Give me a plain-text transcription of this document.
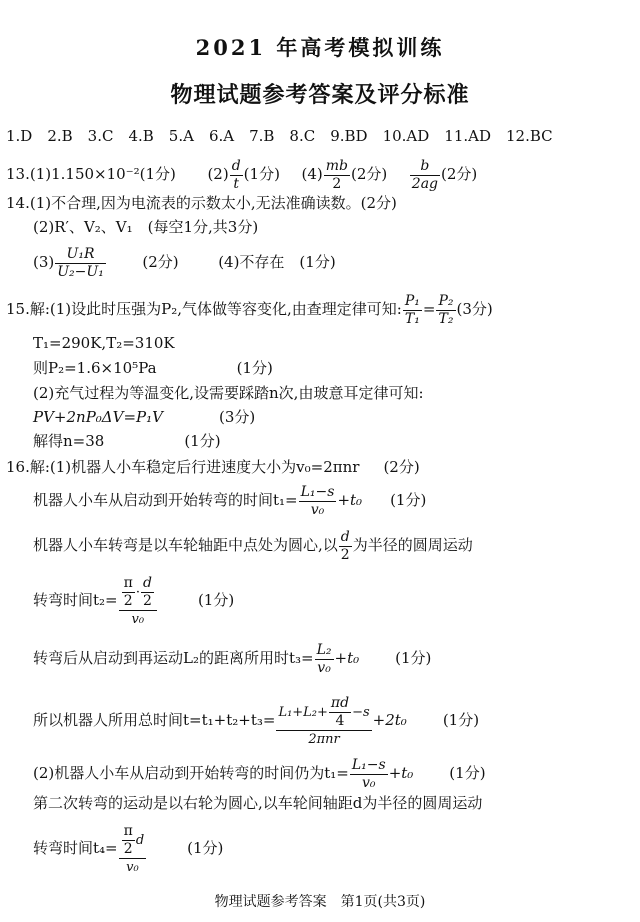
2021 年高考模拟训练
物理试题参考答案及评分标准
1.D　2.B　3.C　4.B　5.A　6.A　7.B　8.C　9.BD　10.AD　11.AD　12.BC
13.(1)1.150×10⁻²(1分) $(2) \frac{d}{t} (1$分) $(4) \frac{mb}{2} (2$分) $\frac{b}{2ag} (2$分)
14.(1)不合理,因为电流表的示数太小,无法准确读数。(2分)
(2)R′、V₂、V₁　(每空1分,共3分)
$(3) \frac{\text{U₁R}}{\text{U₂−U₁}} (2$分)	(4)不存在　(1分)
15.解:(1)设此时压强为P₂,气体做等容变化,由查理定律可知: $\frac{\text{P₁}}{\text{T₁}} = \frac{\text{P₂}}{\text{T₂}} (3$分)
T₁=290K,T₂=310K
则P₂=1.6×10⁵Pa	(1分)
(2)充气过程为等温变化,设需要踩踏n次,由玻意耳定律可知:
PV+2nP₀ΔV=P₁V	(3分)
解得n=38	(1分)
16.解:(1)机器人小车稳定后行进速度大小为v₀=2πnr (2分)
机器人小车从启动到开始转弯的时间$t_1= \frac{\text{L₁−s}}{\text{v₀}} +t_0$ (1分)
机器人小车转弯是以车轮轴距中点处为圆心,以 $\frac{d}{2}$ 为半径的圆周运动
转弯时间$t_2= \frac{\frac{\pi}{2} \cdot \frac{d}{2}}{\text{v₀}}$	(1分)
转弯后从启动到再运动L₂的距离所用时$t_3= \frac{\text{L₂}}{\text{v₀}} +t_0$ (1分)
所以机器人所用总时间$t=t_1+t_2+t_3= \frac{L_1+L_2+ \frac{\pi d}{4} -s}{\text{2πnr}} +2t_0$ (1分)
(2)机器人小车从启动到开始转弯的时间仍为$t_1= \frac{\text{L₁−s}}{\text{v₀}} +t_0$ (1分)
第二次转弯的运动是以右轮为圆心,以车轮间轴距d为半径的圆周运动
转弯时间$t_4= \frac{\frac{\pi}{2} d}{\text{v₀}}$	(1分)
物理试题参考答案　第1页(共3页)
